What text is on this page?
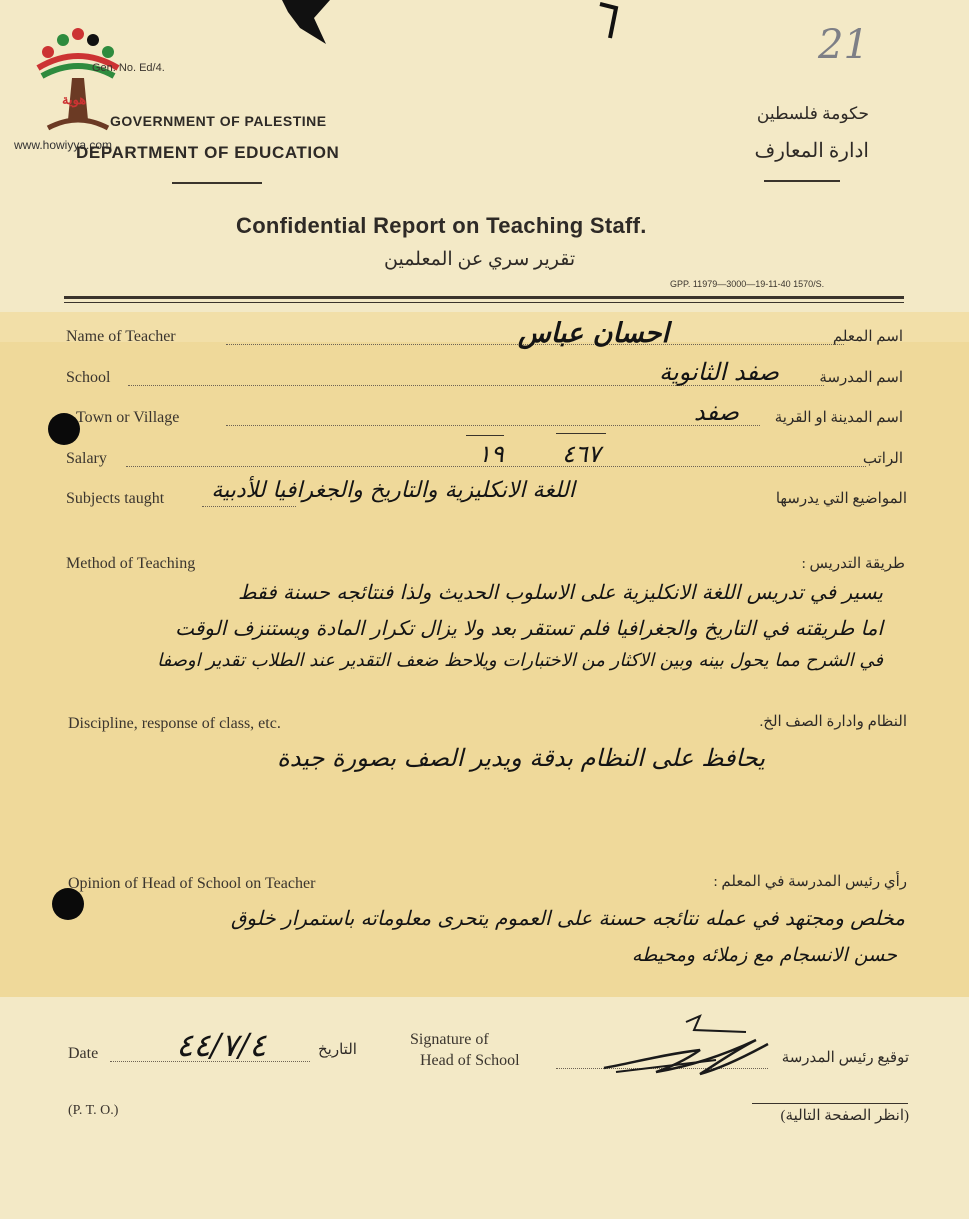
21
هوية
www.howiyya.com
Gen. No. Ed/4.
GOVERNMENT OF PALESTINE
DEPARTMENT OF EDUCATION
حكومة فلسطين
ادارة المعارف
Confidential Report on Teaching Staff.
تقرير سري عن المعلمين
GPP. 11979—3000—19-11-40 1570/S.
Name of Teacher	احسان عباس	اسم المعلم
School	صفد الثانوية	اسم المدرسة
Town or Village	صفد اسم المدينة او القرية
Salary	١٩ ٤٦٧	الراتب
Subjects taught اللغة الانكليزية والتاريخ والجغرافيا للأدبية	المواضيع التي يدرسها
Method of Teaching	طريقة التدريس :
يسير في تدريس اللغة الانكليزية على الاسلوب الحديث ولذا فنتائجه حسنة فقط
اما طريقته في التاريخ والجغرافيا فلم تستقر بعد ولا يزال تكرار المادة ويستنزف الوقت
في الشرح مما يحول بينه وبين الاكثار من الاختبارات ويلاحظ ضعف التقدير عند الطلاب تقدير اوصفا
Discipline, response of class, etc.	النظام وادارة الصف الخ.
يحافظ على النظام بدقة ويدير الصف بصورة جيدة
Opinion of Head of School on Teacher	رأي رئيس المدرسة في المعلم :
مخلص ومجتهد في عمله نتائجه حسنة على العموم يتحرى معلوماته باستمرار خلوق
حسن الانسجام مع زملائه ومحيطه
Date ٤٤/٧/٤	التاريخ
Signature of
Head of School	توقيع رئيس المدرسة
(P. T. O.)	(انظر الصفحة التالية)
